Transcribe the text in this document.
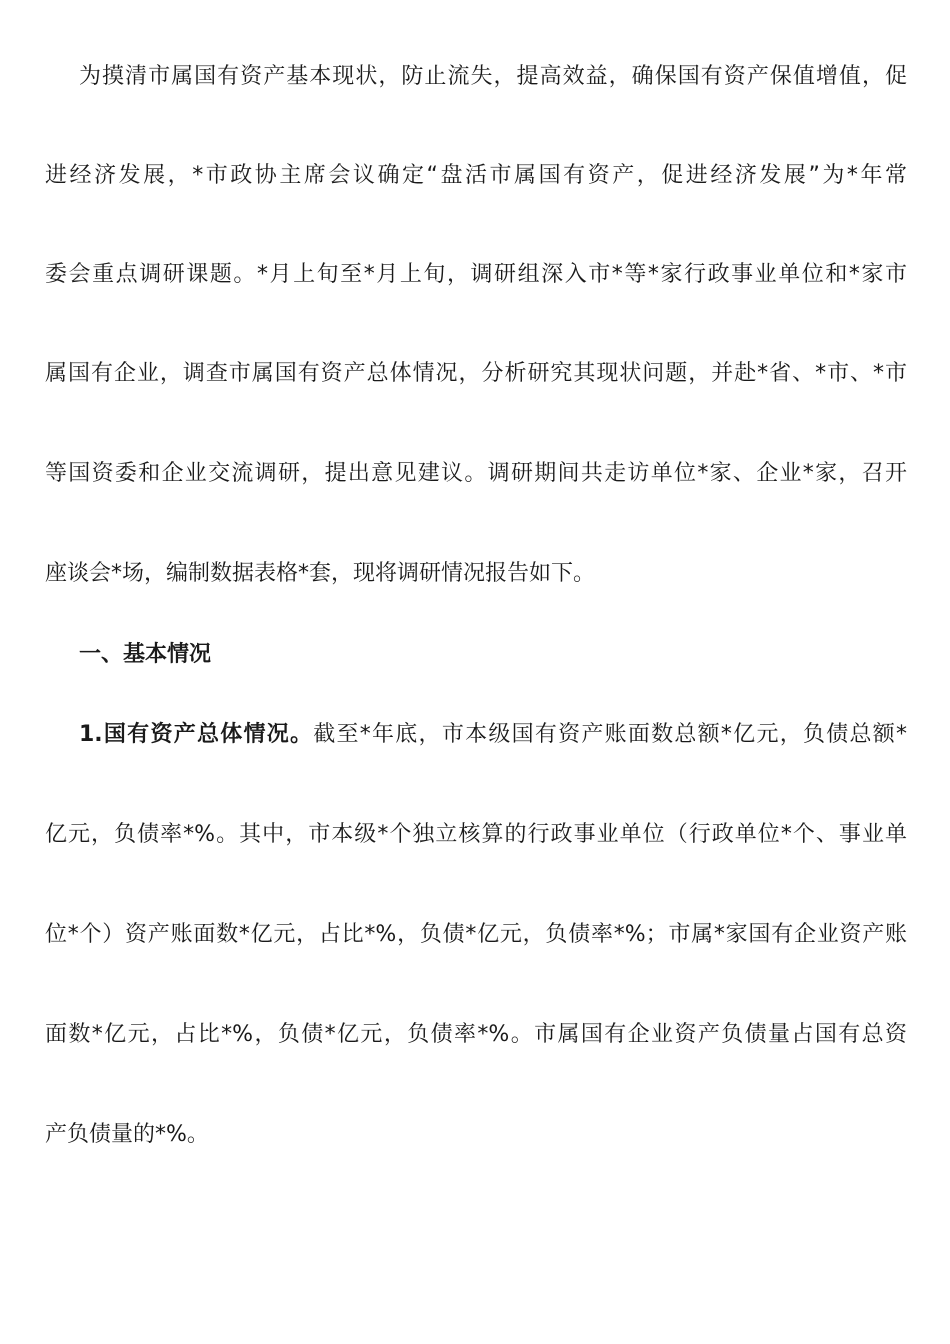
为摸清市属国有资产基本现状，防止流失，提高效益，确保国有资产保值增值，促
进经济发展，*市政协主席会议确定“盘活市属国有资产，促进经济发展”为*年常
委会重点调研课题。*月上旬至*月上旬，调研组深入市*等*家行政事业单位和*家市
属国有企业，调查市属国有资产总体情况，分析研究其现状问题，并赴*省、*市、*市
等国资委和企业交流调研，提出意见建议。调研期间共走访单位*家、企业*家，召开
座谈会*场，编制数据表格*套，现将调研情况报告如下。
一、基本情况
1.国有资产总体情况。截至*年底，市本级国有资产账面数总额*亿元，负债总额*
亿元，负债率*%。其中，市本级*个独立核算的行政事业单位（行政单位*个、事业单
位*个）资产账面数*亿元，占比*%，负债*亿元，负债率*%；市属*家国有企业资产账
面数*亿元，占比*%，负债*亿元，负债率*%。市属国有企业资产负债量占国有总资
产负债量的*%。
